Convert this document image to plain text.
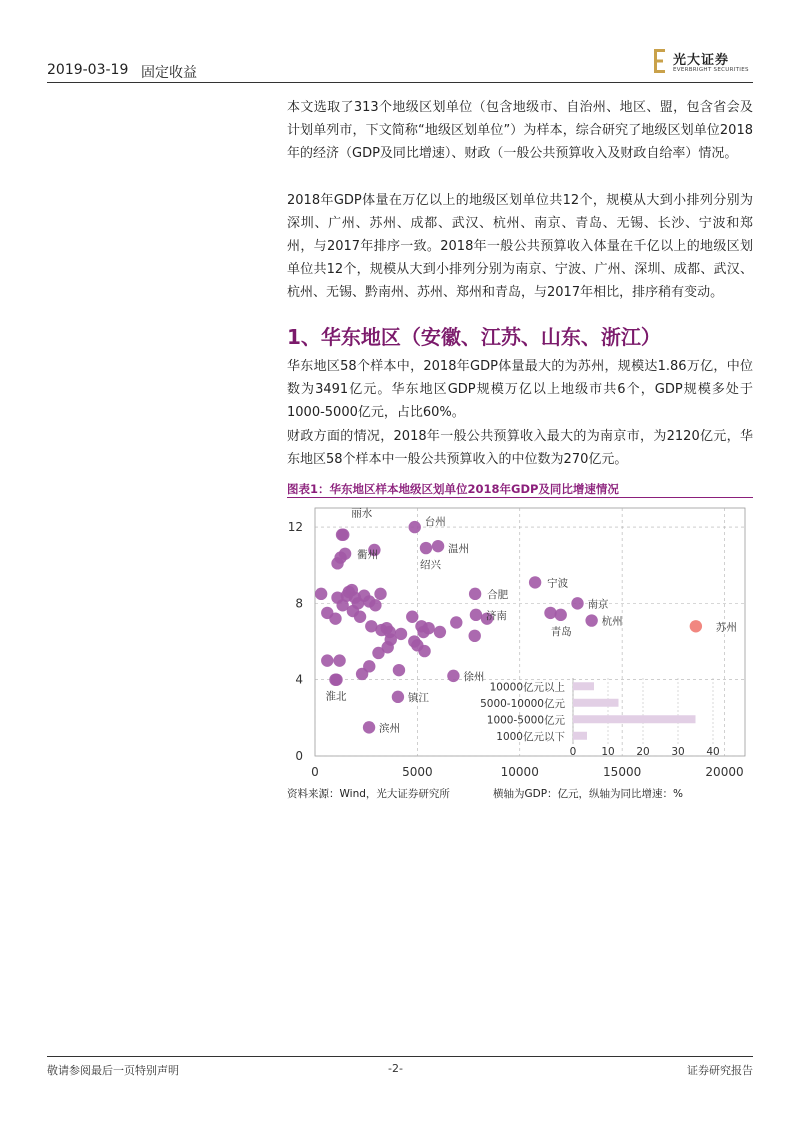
2019-03-19 固定收益
光大证券
EVERBRIGHT SECURITIES

本文选取了313个地级区划单位（包含地级市、自治州、地区、盟，包含省会及计划单列市，下文简称“地级区划单位”）为样本，综合研究了地级区划单位2018年的经济（GDP及同比增速）、财政（一般公共预算收入及财政自给率）情况。

2018年GDP体量在万亿以上的地级区划单位共12个，规模从大到小排列分别为深圳、广州、苏州、成都、武汉、杭州、南京、青岛、无锡、长沙、宁波和郑州，与2017年排序一致。2018年一般公共预算收入体量在千亿以上的地级区划单位共12个，规模从大到小排列分别为南京、宁波、广州、深圳、成都、武汉、杭州、无锡、黔南州、苏州、郑州和青岛，与2017年相比，排序稍有变动。

1、华东地区（安徽、江苏、山东、浙江）

华东地区58个样本中，2018年GDP体量最大的为苏州，规模达1.86万亿，中位数为3491亿元。华东地区GDP规模万亿以上地级市共6个，GDP规模多处于1000-5000亿元，占比60%。

财政方面的情况，2018年一般公共预算收入最大的为南京市，为2120亿元，华东地区58个样本中一般公共预算收入的中位数为270亿元。

图表1：华东地区样本地级区划单位2018年GDP及同比增速情况
0
4
8
12
0	5000	10000	15000	20000
丽水
台州
温州
衢州
绍兴
宁波
合肥
南京
济南	杭州
青岛	苏州
徐州
镇江
淮北
滨州
0 10 20 30 40
10000亿元以上
5000-10000亿元
1000-5000亿元
1000亿元以下
资料来源：Wind，光大证券研究所	横轴为GDP：亿元，纵轴为同比增速：%
敬请参阅最后一页特别声明	-2-	证券研究报告
